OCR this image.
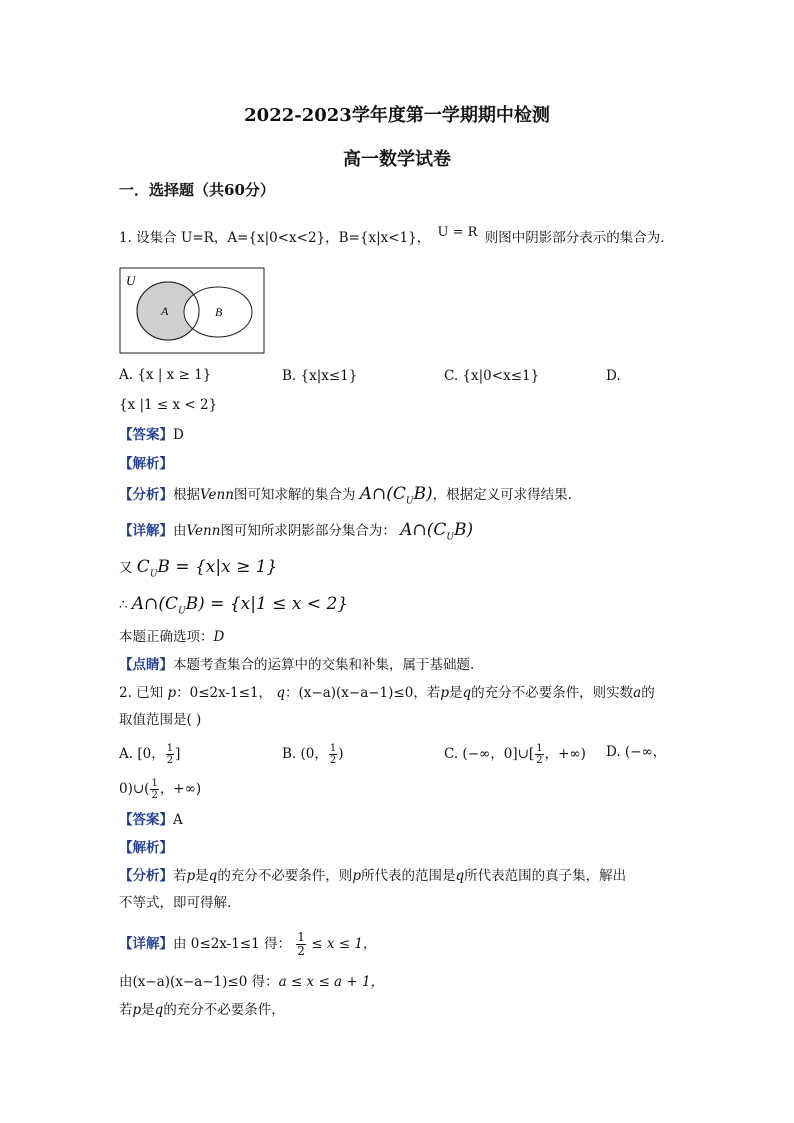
2022-2023学年度第一学期期中检测
高一数学试卷
一．选择题（共60分）
1. 设集合 U=R，A={x|0<x<2}，B={x|x<1}， U = R 则图中阴影部分表示的集合为．
U
A	B
A. {x | x ≥ 1}	B. {x|x≤1}	C. {x|0<x≤1}	D.
{x |1 ≤ x < 2}
【答案】D
【解析】
【分析】根据Venn图可知求解的集合为 $A\cap(C_UB)$，根据定义可求得结果.
【详解】由Venn图可知所求阴影部分集合为： $A\cap(C_UB)$
又 $C_UB = \{x|x \ge 1\}$
∴ $A\cap(C_UB) = \{x|1 \le x < 2\}$
本题正确选项：D
【点睛】本题考查集合的运算中的交集和补集，属于基础题.
2. 已知 p：0≤2x-1≤1， q：(x−a)(x−a−1)≤0，若p是q的充分不必要条件，则实数a的
取值范围是( )
A. [0， $\frac{1}{2}$ ]	B. (0， $\frac{1}{2}$ )	C. (−∞，0]∪[ $\frac{1}{2}$ ，+∞) D. (−∞，
0)∪( $\frac{1}{2}$ ，+∞)
【答案】A
【解析】
【分析】若p是q的充分不必要条件，则p所代表的范围是q所代表范围的真子集，解出
不等式，即可得解.
【详解】由 0≤2x-1≤1 得： $\frac{1}{2} \le x \le 1$，
由(x−a)(x−a−1)≤0 得：a ≤ x ≤ a + 1，
若p是q的充分不必要条件，
